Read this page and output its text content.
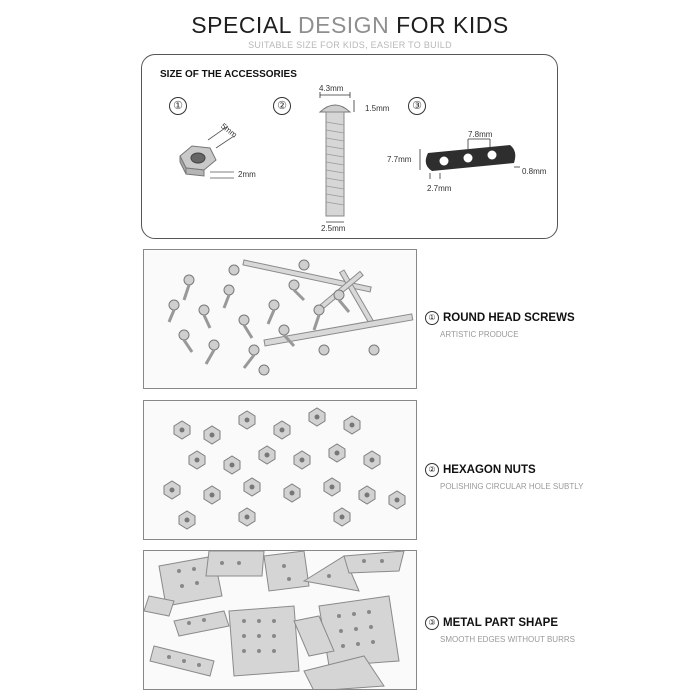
SPECIAL DESIGN FOR KIDS
SUITABLE SIZE FOR KIDS, EASIER TO BUILD
SIZE OF THE ACCESSORIES
①	②	③
5mm
2mm
4.3mm
1.5mm
2.5mm
7.8mm
7.7mm
0.8mm
2.7mm
① ROUND HEAD SCREWS
ARTISTIC PRODUCE
② HEXAGON NUTS
POLISHING CIRCULAR HOLE SUBTLY
③ METAL PART SHAPE
SMOOTH EDGES WITHOUT BURRS
